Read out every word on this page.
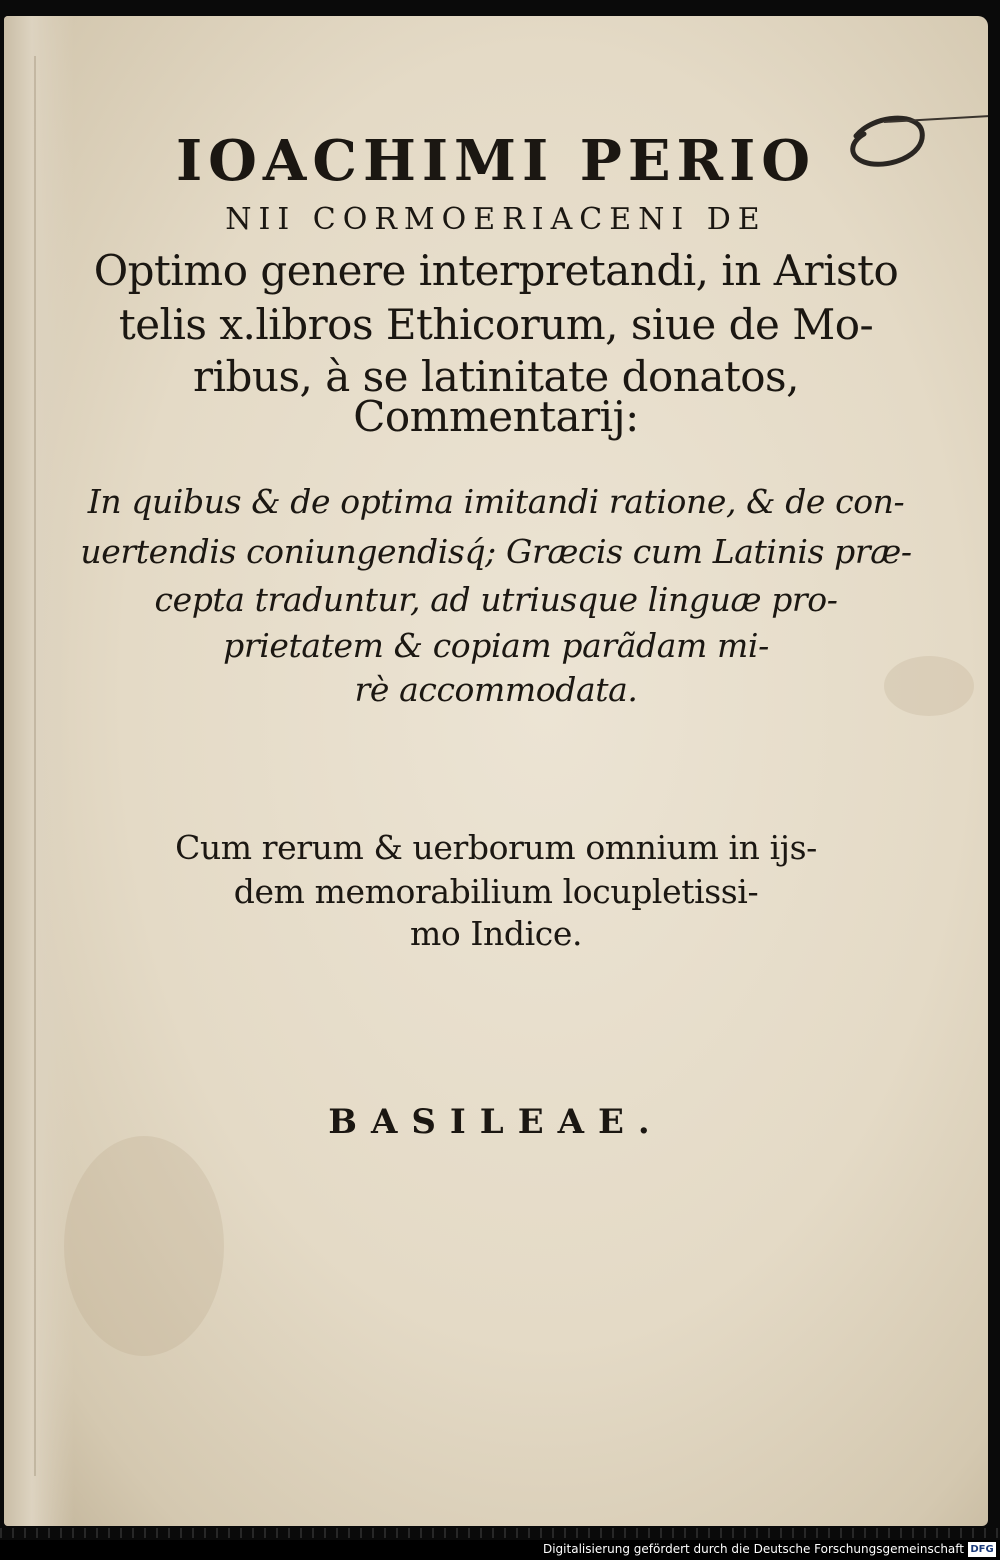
IOACHIMI PERIO
NII CORMOERIACENI DE
Optimo genere interpretandi, in Aristo
telis x.libros Ethicorum, siue de Mo-
ribus, à se latinitate donatos,
Commentarij:
In quibus & de optima imitandi ratione, & de con-
uertendis coniungendisq́; Græcis cum Latinis præ-
cepta traduntur, ad utriusque linguæ pro-
prietatem & copiam parãdam mi-
rè accommodata.
Cum rerum & uerborum omnium in ijs-
dem memorabilium locupletissi-
mo Indice.
BASILEAE.
Digitalisierung gefördert durch die Deutsche Forschungsgemeinschaft DFG
